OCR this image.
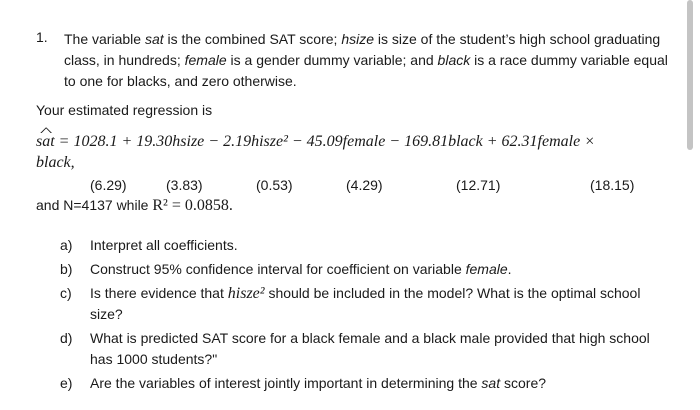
1. The variable sat is the combined SAT score; hsize is size of the student’s high school graduating

class, in hundreds; female is a gender dummy variable; and black is a race dummy variable equal

to one for blacks, and zero otherwise.

Your estimated regression is
^ sat = 1028.1 + 19.30hsize − 2.19hisze² − 45.09female − 169.81black + 62.31female ×
black,
(6.29)	(3.83)	(0.53)	(4.29)	(12.71)	(18.15)
and N=4137 while R² = 0.0858.
a) Interpret all coefficients.
b) Construct 95% confidence interval for coefficient on variable female.
c) Is there evidence that hisze² should be included in the model? What is the optimal school
size?
d) What is predicted SAT score for a black female and a black male provided that high school
has 1000 students?"
e) Are the variables of interest jointly important in determining the sat score?
